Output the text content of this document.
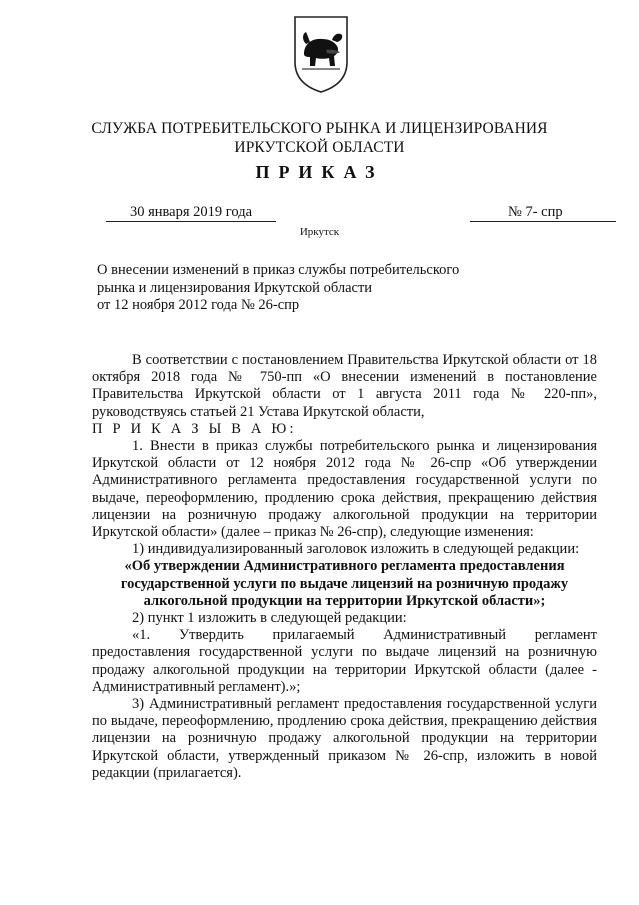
СЛУЖБА ПОТРЕБИТЕЛЬСКОГО РЫНКА И ЛИЦЕНЗИРОВАНИЯ
ИРКУТСКОЙ ОБЛАСТИ
ПРИКАЗ
30 января 2019 года	№ 7- спр
Иркутск
О внесении изменений в приказ службы потребительского
рынка и лицензирования Иркутской области
от 12 ноября 2012 года № 26-спр

В соответствии с постановлением Правительства Иркутской области от 18 октября 2018 года № 750-пп «О внесении изменений в постановление Правительства Иркутской области от 1 августа 2011 года № 220-пп», руководствуясь статьей 21 Устава Иркутской области,

П Р И К А З Ы В А Ю:

1. Внести в приказ службы потребительского рынка и лицензирования Иркутской области от 12 ноября 2012 года № 26-спр «Об утверждении Административного регламента предоставления государственной услуги по выдаче, переоформлению, продлению срока действия, прекращению действия лицензии на розничную продажу алкогольной продукции на территории Иркутской области» (далее – приказ № 26-спр), следующие изменения:

1) индивидуализированный заголовок изложить в следующей редакции:

«Об утверждении Административного регламента предоставления государственной услуги по выдаче лицензий на розничную продажу алкогольной продукции на территории Иркутской области»;

2) пункт 1 изложить в следующей редакции:

«1. Утвердить прилагаемый Административный регламент предоставления государственной услуги по выдаче лицензий на розничную продажу алкогольной продукции на территории Иркутской области (далее - Административный регламент).»;

3) Административный регламент предоставления государственной услуги по выдаче, переоформлению, продлению срока действия, прекращению действия лицензии на розничную продажу алкогольной продукции на территории Иркутской области, утвержденный приказом № 26-спр, изложить в новой редакции (прилагается).
